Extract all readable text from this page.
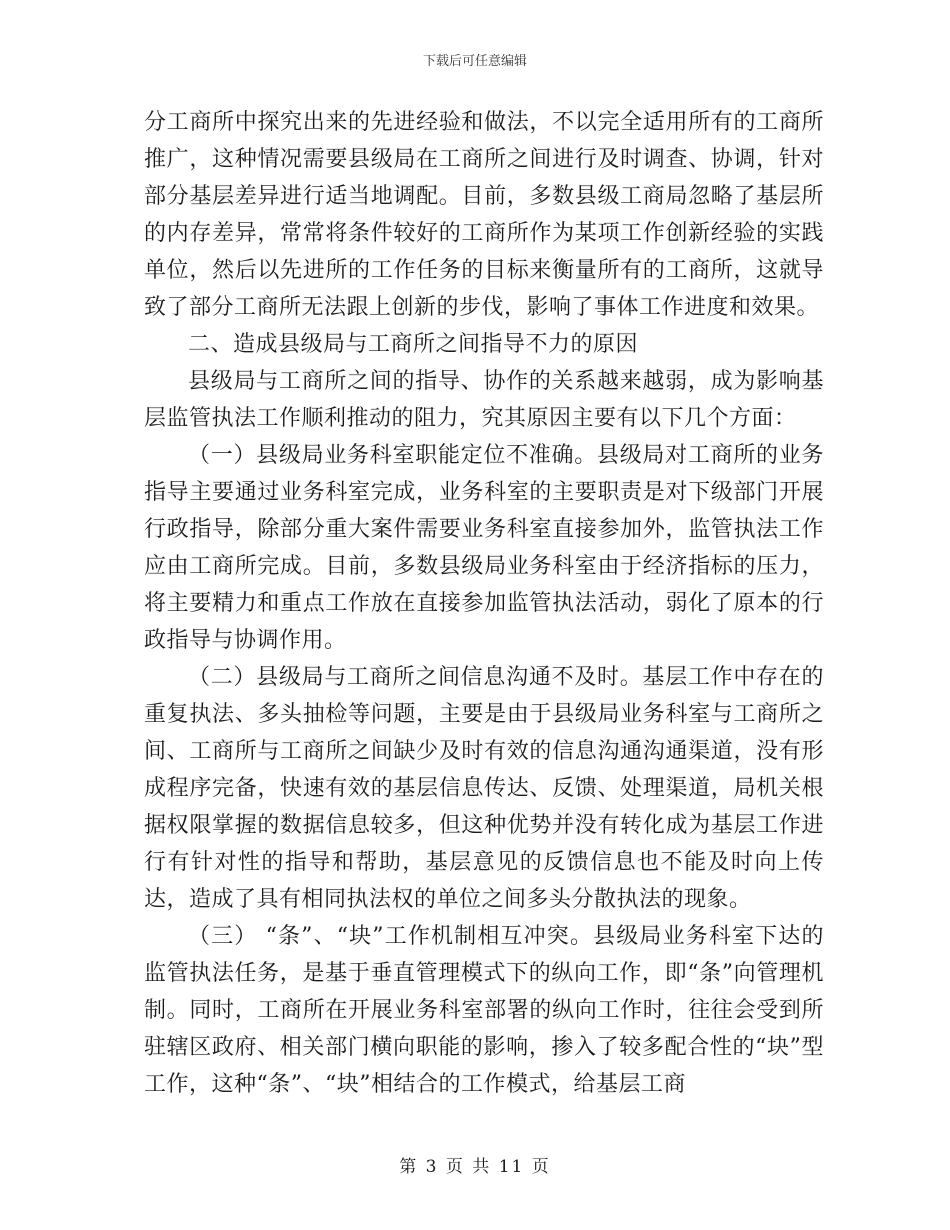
下载后可任意编辑

分工商所中探究出来的先进经验和做法，不以完全适用所有的工商所推广，这种情况需要县级局在工商所之间进行及时调查、协调，针对部分基层差异进行适当地调配。目前，多数县级工商局忽略了基层所的内存差异，常常将条件较好的工商所作为某项工作创新经验的实践单位，然后以先进所的工作任务的目标来衡量所有的工商所，这就导致了部分工商所无法跟上创新的步伐，影响了事体工作进度和效果。

二、造成县级局与工商所之间指导不力的原因

县级局与工商所之间的指导、协作的关系越来越弱，成为影响基层监管执法工作顺利推动的阻力，究其原因主要有以下几个方面：

（一）县级局业务科室职能定位不准确。县级局对工商所的业务指导主要通过业务科室完成，业务科室的主要职责是对下级部门开展行政指导，除部分重大案件需要业务科室直接参加外，监管执法工作应由工商所完成。目前，多数县级局业务科室由于经济指标的压力，将主要精力和重点工作放在直接参加监管执法活动，弱化了原本的行政指导与协调作用。

（二）县级局与工商所之间信息沟通不及时。基层工作中存在的重复执法、多头抽检等问题，主要是由于县级局业务科室与工商所之间、工商所与工商所之间缺少及时有效的信息沟通沟通渠道，没有形成程序完备，快速有效的基层信息传达、反馈、处理渠道，局机关根据权限掌握的数据信息较多，但这种优势并没有转化成为基层工作进行有针对性的指导和帮助，基层意见的反馈信息也不能及时向上传达，造成了具有相同执法权的单位之间多头分散执法的现象。

（三） “条”、“块”工作机制相互冲突。县级局业务科室下达的监管执法任务，是基于垂直管理模式下的纵向工作，即“条”向管理机制。同时，工商所在开展业务科室部署的纵向工作时，往往会受到所驻辖区政府、相关部门横向职能的影响，掺入了较多配合性的“块”型工作，这种“条”、“块”相结合的工作模式，给基层工商

第 3 页 共 11 页
